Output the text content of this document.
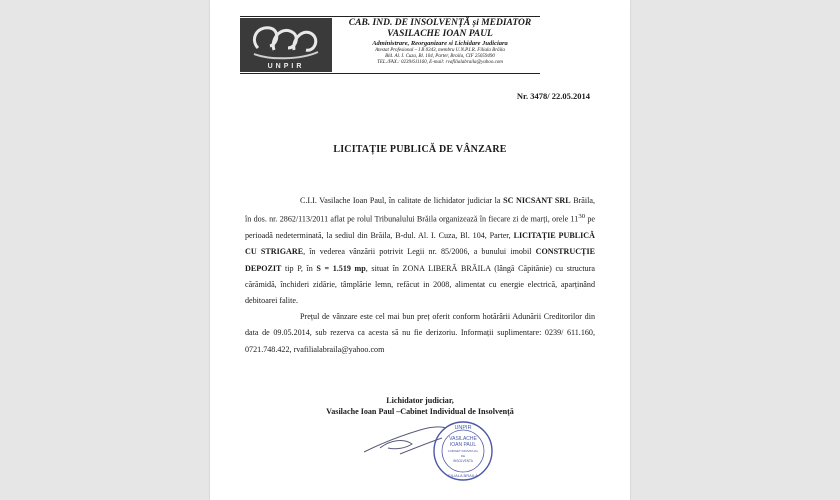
UNPIR
CAB. IND. DE INSOLVENȚĂ și MEDIATOR
VASILACHE IOAN PAUL
Administrare, Reorganizare si Lichidare Judiciara
Atestat Profesional – I B 0343, membru U.N.P.I.R. Filiala Brăila
Bld. Al. I. Cuza, Bl. 104, Parter, Braila, CIF 25059490
TEL./FAX.: 0239/611160, E-mail: rvafilialabraila@yahoo.com
Nr. 3478/ 22.05.2014
LICITAȚIE PUBLICĂ DE VÂNZARE

C.I.I. Vasilache Ioan Paul, în calitate de lichidator judiciar la SC NICSANT SRL Brăila, în dos. nr. 2862/113/2011 aflat pe rolul Tribunalului Brăila organizează în fiecare zi de marți, orele $11^{30}$ pe perioadă nedeterminată, la sediul din Brăila, B-dul. Al. I. Cuza, Bl. 104, Parter, LICITAȚIE PUBLICĂ CU STRIGARE, în vederea vânzării potrivit Legii nr. 85/2006, a bunului imobil CONSTRUCȚIE DEPOZIT tip P, în S = 1.519 mp, situat în ZONA LIBERĂ BRĂILA (lângă Căpitănie) cu structura cărămidă, închideri zidărie, tâmplărie lemn, refăcut in 2008, alimentat cu energie electrică, aparținând debitoarei falite.

Prețul de vânzare este cel mai bun preț oferit conform hotărârii Adunării Creditorilor din data de 09.05.2014, sub rezerva ca acesta să nu fie derizoriu. Informații suplimentare: 0239/ 611.160, 0721.748.422, rvafilialabraila@yahoo.com

Lichidator judiciar,
Vasilache Ioan Paul –Cabinet Individual de Insolvență
UNPIR
VASILACHE
IOAN PAUL
CABINET INDIVIDUAL
DE
INSOLVENTA
FILIALA BRAILA
